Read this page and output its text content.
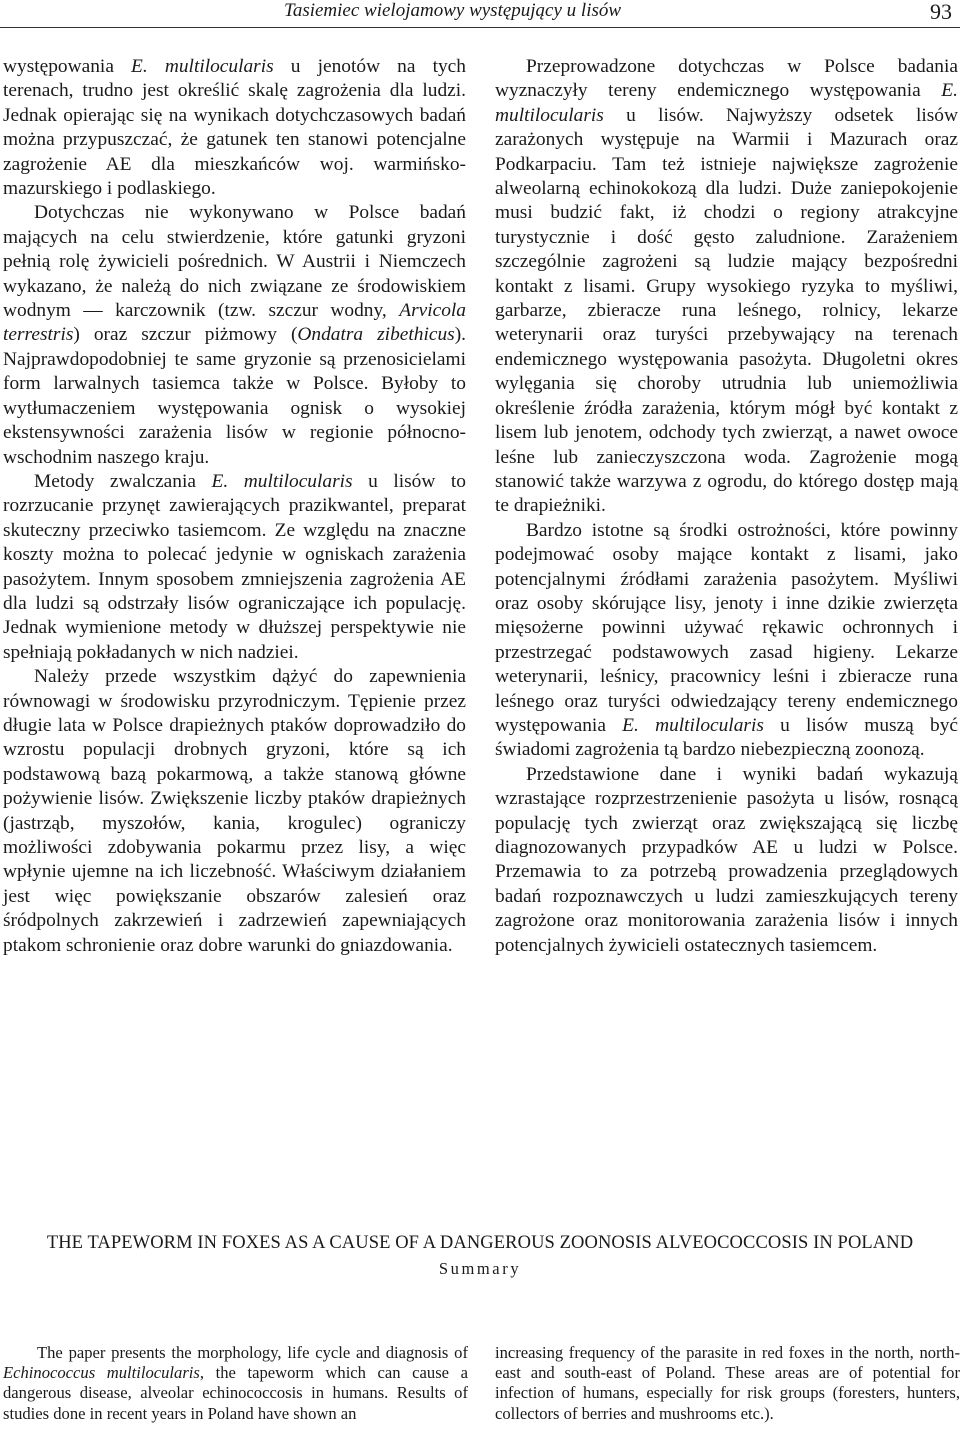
Tasiemiec wielojamowy występujący u lisów	93

występowania E. multilocularis u jenotów na tych terenach, trudno jest określić skalę zagrożenia dla ludzi. Jednak opierając się na wynikach dotychczasowych badań można przypuszczać, że gatunek ten stanowi potencjalne zagrożenie AE dla mieszkańców woj. warmińsko-mazurskiego i podlaskiego.

Dotychczas nie wykonywano w Polsce badań mających na celu stwierdzenie, które gatunki gryzoni pełnią rolę żywicieli pośrednich. W Austrii i Niemczech wykazano, że należą do nich związane ze środowiskiem wodnym — karczownik (tzw. szczur wodny, Arvicola terrestris) oraz szczur piżmowy (Ondatra zibethicus). Najprawdopodobniej te same gryzonie są przenosicielami form larwalnych tasiemca także w Polsce. Byłoby to wytłumaczeniem występowania ognisk o wysokiej ekstensywności zarażenia lisów w regionie północno-wschodnim naszego kraju.

Metody zwalczania E. multilocularis u lisów to rozrzucanie przynęt zawierających prazikwantel, preparat skuteczny przeciwko tasiemcom. Ze względu na znaczne koszty można to polecać jedynie w ogniskach zarażenia pasożytem. Innym sposobem zmniejszenia zagrożenia AE dla ludzi są odstrzały lisów ograniczające ich populację. Jednak wymienione metody w dłuższej perspektywie nie spełniają pokładanych w nich nadziei.

Należy przede wszystkim dążyć do zapewnienia równowagi w środowisku przyrodniczym. Tępienie przez długie lata w Polsce drapieżnych ptaków doprowadziło do wzrostu populacji drobnych gryzoni, które są ich podstawową bazą pokarmową, a także stanową główne pożywienie lisów. Zwiększenie liczby ptaków drapieżnych (jastrząb, myszołów, kania, krogulec) ograniczy możliwości zdobywania pokarmu przez lisy, a więc wpłynie ujemne na ich liczebność. Właściwym działaniem jest więc powiększanie obszarów zalesień oraz śródpolnych zakrzewień i zadrzewień zapewniających ptakom schronienie oraz dobre warunki do gniazdowania.

Przeprowadzone dotychczas w Polsce badania wyznaczyły tereny endemicznego występowania E. multilocularis u lisów. Najwyższy odsetek lisów zarażonych występuje na Warmii i Mazurach oraz Podkarpaciu. Tam też istnieje największe zagrożenie alweolarną echinokokozą dla ludzi. Duże zaniepokojenie musi budzić fakt, iż chodzi o regiony atrakcyjne turystycznie i dość gęsto zaludnione. Zarażeniem szczególnie zagrożeni są ludzie mający bezpośredni kontakt z lisami. Grupy wysokiego ryzyka to myśliwi, garbarze, zbieracze runa leśnego, rolnicy, lekarze weterynarii oraz turyści przebywający na terenach endemicznego występowania pasożyta. Długoletni okres wylęgania się choroby utrudnia lub uniemożliwia określenie źródła zarażenia, którym mógł być kontakt z lisem lub jenotem, odchody tych zwierząt, a nawet owoce leśne lub zanieczyszczona woda. Zagrożenie mogą stanowić także warzywa z ogrodu, do którego dostęp mają te drapieżniki.

Bardzo istotne są środki ostrożności, które powinny podejmować osoby mające kontakt z lisami, jako potencjalnymi źródłami zarażenia pasożytem. Myśliwi oraz osoby skórujące lisy, jenoty i inne dzikie zwierzęta mięsożerne powinni używać rękawic ochronnych i przestrzegać podstawowych zasad higieny. Lekarze weterynarii, leśnicy, pracownicy leśni i zbieracze runa leśnego oraz turyści odwiedzający tereny endemicznego występowania E. multilocularis u lisów muszą być świadomi zagrożenia tą bardzo niebezpieczną zoonozą.

Przedstawione dane i wyniki badań wykazują wzrastające rozprzestrzenienie pasożyta u lisów, rosnącą populację tych zwierząt oraz zwiększającą się liczbę diagnozowanych przypadków AE u ludzi w Polsce. Przemawia to za potrzebą prowadzenia przeglądowych badań rozpoznawczych u ludzi zamieszkujących tereny zagrożone oraz monitorowania zarażenia lisów i innych potencjalnych żywicieli ostatecznych tasiemcem.

THE TAPEWORM IN FOXES AS A CAUSE OF A DANGEROUS ZOONOSIS ALVEOCOCCOSIS IN POLAND
Summary

The paper presents the morphology, life cycle and diagnosis of Echinococcus multilocularis, the tapeworm which can cause a dangerous disease, alveolar echinococcosis in humans. Results of studies done in recent years in Poland have shown an

increasing frequency of the parasite in red foxes in the north, north-east and south-east of Poland. These areas are of potential for infection of humans, especially for risk groups (foresters, hunters, collectors of berries and mushrooms etc.).
